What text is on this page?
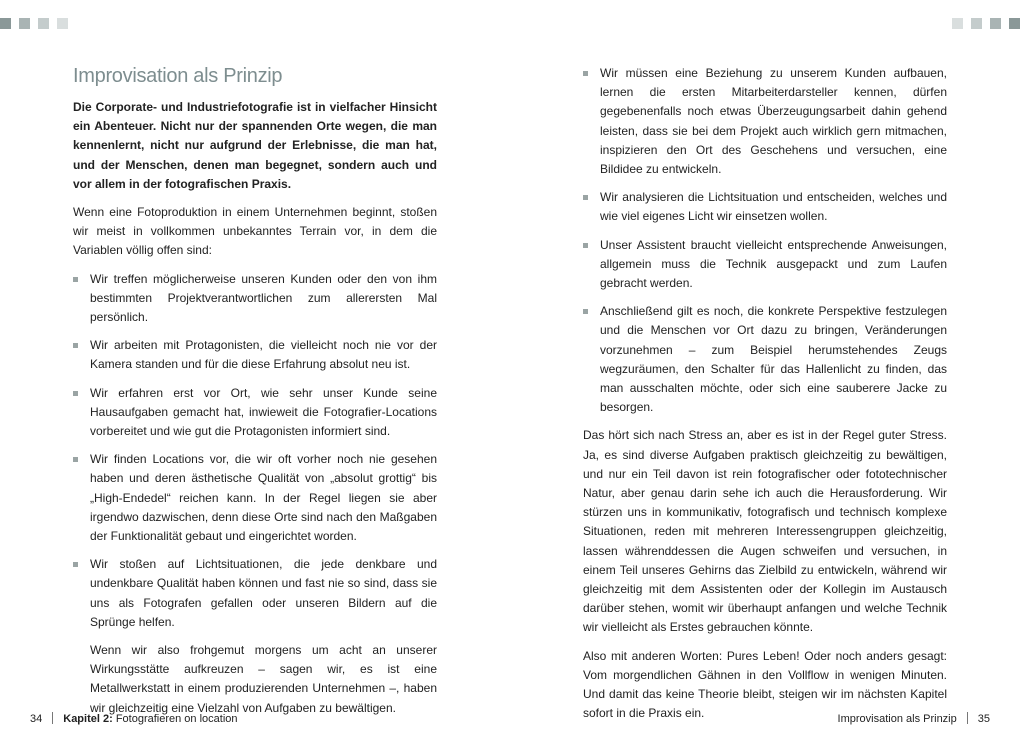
Improvisation als Prinzip

Die Corporate- und Industriefotografie ist in vielfacher Hinsicht ein Abenteuer. Nicht nur der spannenden Orte wegen, die man kennenlernt, nicht nur aufgrund der Erlebnisse, die man hat, und der Menschen, denen man begegnet, sondern auch und vor allem in der fotografischen Praxis.

Wenn eine Fotoproduktion in einem Unternehmen beginnt, stoßen wir meist in vollkommen unbekanntes Terrain vor, in dem die Variablen völlig offen sind:

Wir treffen möglicherweise unseren Kunden oder den von ihm bestimmten Projektverantwortlichen zum allerersten Mal persönlich.
Wir arbeiten mit Protagonisten, die vielleicht noch nie vor der Kamera standen und für die diese Erfahrung absolut neu ist.
Wir erfahren erst vor Ort, wie sehr unser Kunde seine Hausaufgaben gemacht hat, inwieweit die Fotografier-Locations vorbereitet und wie gut die Protagonisten informiert sind.
Wir finden Locations vor, die wir oft vorher noch nie gesehen haben und deren ästhetische Qualität von „absolut grottig“ bis „High-Endedel“ reichen kann. In der Regel liegen sie aber irgendwo dazwischen, denn diese Orte sind nach den Maßgaben der Funktionalität gebaut und eingerichtet worden.
Wir stoßen auf Lichtsituationen, die jede denkbare und undenkbare Qualität haben können und fast nie so sind, dass sie uns als Fotografen gefallen oder unseren Bildern auf die Sprünge helfen.

Wenn wir also frohgemut morgens um acht an unserer Wirkungsstätte aufkreuzen – sagen wir, es ist eine Metallwerkstatt in einem produzierenden Unternehmen –, haben wir gleichzeitig eine Vielzahl von Aufgaben zu bewältigen.

Wir müssen eine Beziehung zu unserem Kunden aufbauen, lernen die ersten Mitarbeiterdarsteller kennen, dürfen gegebenenfalls noch etwas Überzeugungsarbeit dahin gehend leisten, dass sie bei dem Projekt auch wirklich gern mitmachen, inspizieren den Ort des Geschehens und versuchen, eine Bildidee zu entwickeln.
Wir analysieren die Lichtsituation und entscheiden, welches und wie viel eigenes Licht wir einsetzen wollen.
Unser Assistent braucht vielleicht entsprechende Anweisungen, allgemein muss die Technik ausgepackt und zum Laufen gebracht werden.
Anschließend gilt es noch, die konkrete Perspektive festzulegen und die Menschen vor Ort dazu zu bringen, Veränderungen vorzunehmen – zum Beispiel herumstehendes Zeugs wegzuräumen, den Schalter für das Hallenlicht zu finden, das man ausschalten möchte, oder sich eine sauberere Jacke zu besorgen.

Das hört sich nach Stress an, aber es ist in der Regel guter Stress. Ja, es sind diverse Aufgaben praktisch gleichzeitig zu bewältigen, und nur ein Teil davon ist rein fotografischer oder fototechnischer Natur, aber genau darin sehe ich auch die Herausforderung. Wir stürzen uns in kommunikativ, fotografisch und technisch komplexe Situationen, reden mit mehreren Interessengruppen gleichzeitig, lassen währenddessen die Augen schweifen und versuchen, in einem Teil unseres Gehirns das Zielbild zu entwickeln, während wir gleichzeitig mit dem Assistenten oder der Kollegin im Austausch darüber stehen, womit wir überhaupt anfangen und welche Technik wir vielleicht als Erstes gebrauchen könnte.

Also mit anderen Worten: Pures Leben! Oder noch anders gesagt: Vom morgendlichen Gähnen in den Vollflow in wenigen Minuten. Und damit das keine Theorie bleibt, steigen wir im nächsten Kapitel sofort in die Praxis ein.

34 Kapitel 2: Fotografieren on location	Improvisation als Prinzip 35
